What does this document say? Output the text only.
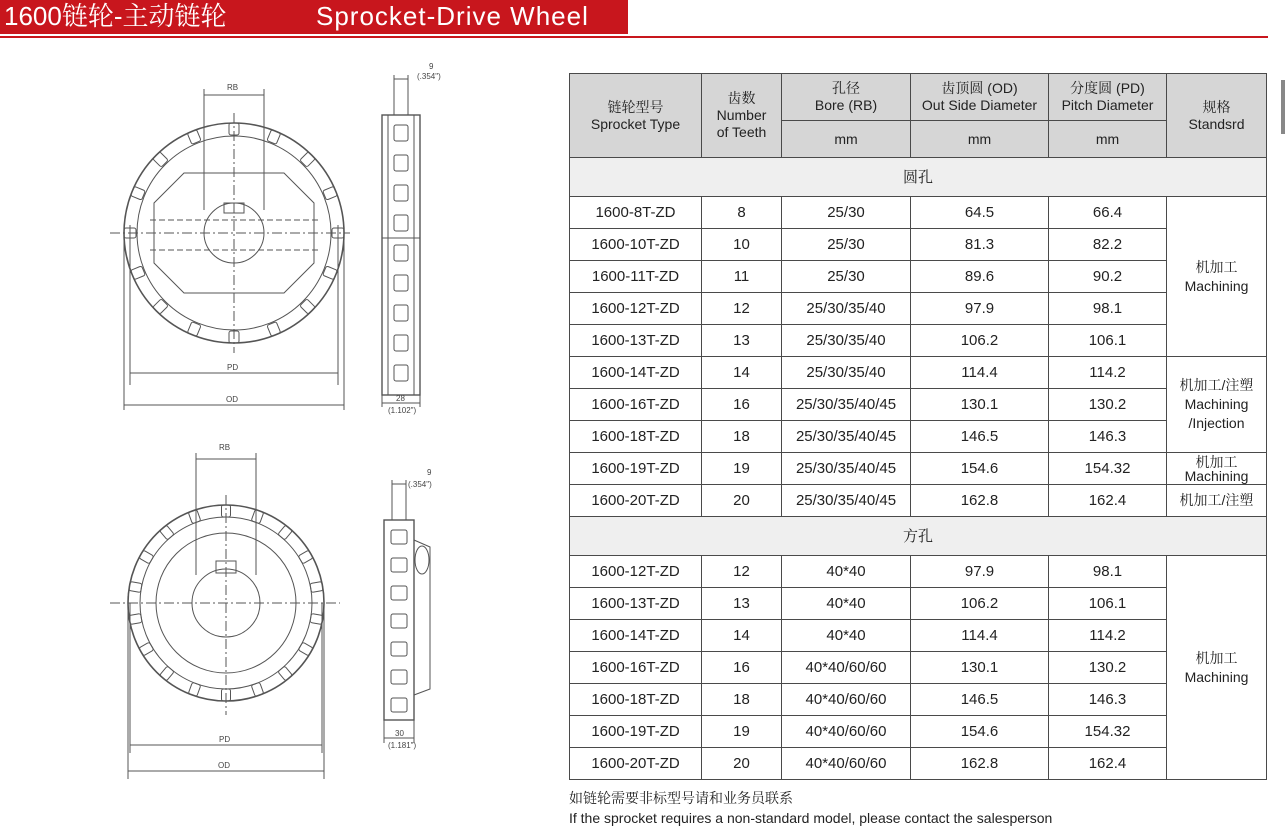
1600链轮-主动链轮	Sprocket-Drive Wheel
RB
PD
OD
9
(.354")
28
(1.102")
RB
PD
OD
9
(.354")
30
(1.181")
链轮型号
Sprocket Type	齿数
Number
of Teeth	孔径
Bore (RB)	齿顶圆 (OD)
Out Side Diameter	分度圆 (PD)
Pitch Diameter	规格
Standsrd

		mm	mm	mm	
圆孔					
1600-8T-ZD	8	25/30	64.5	66.4	机加工
Machining

1600-10T-ZD	10	25/30	81.3	82.2	
1600-11T-ZD	11	25/30	89.6	90.2	
1600-12T-ZD	12	25/30/35/40	97.9	98.1	
1600-13T-ZD	13	25/30/35/40	106.2	106.1	
1600-14T-ZD	14	25/30/35/40	114.4	114.2	机加工/注塑
Machining
/Injection

1600-16T-ZD	16	25/30/35/40/45	130.1	130.2	
1600-18T-ZD	18	25/30/35/40/45	146.5	146.3	
1600-19T-ZD	19	25/30/35/40/45	154.6	154.32	机加工
Machining

1600-20T-ZD	20	25/30/35/40/45	162.8	162.4	机加工/注塑
方孔					
1600-12T-ZD	12	40*40	97.9	98.1	机加工
Machining

1600-13T-ZD	13	40*40	106.2	106.1	
1600-14T-ZD	14	40*40	114.4	114.2	
1600-16T-ZD	16	40*40/60/60	130.1	130.2	
1600-18T-ZD	18	40*40/60/60	146.5	146.3	
1600-19T-ZD	19	40*40/60/60	154.6	154.32	
1600-20T-ZD	20	40*40/60/60	162.8	162.4	
如链轮需要非标型号请和业务员联系
If the sprocket requires a non-standard model, please contact the salesperson
